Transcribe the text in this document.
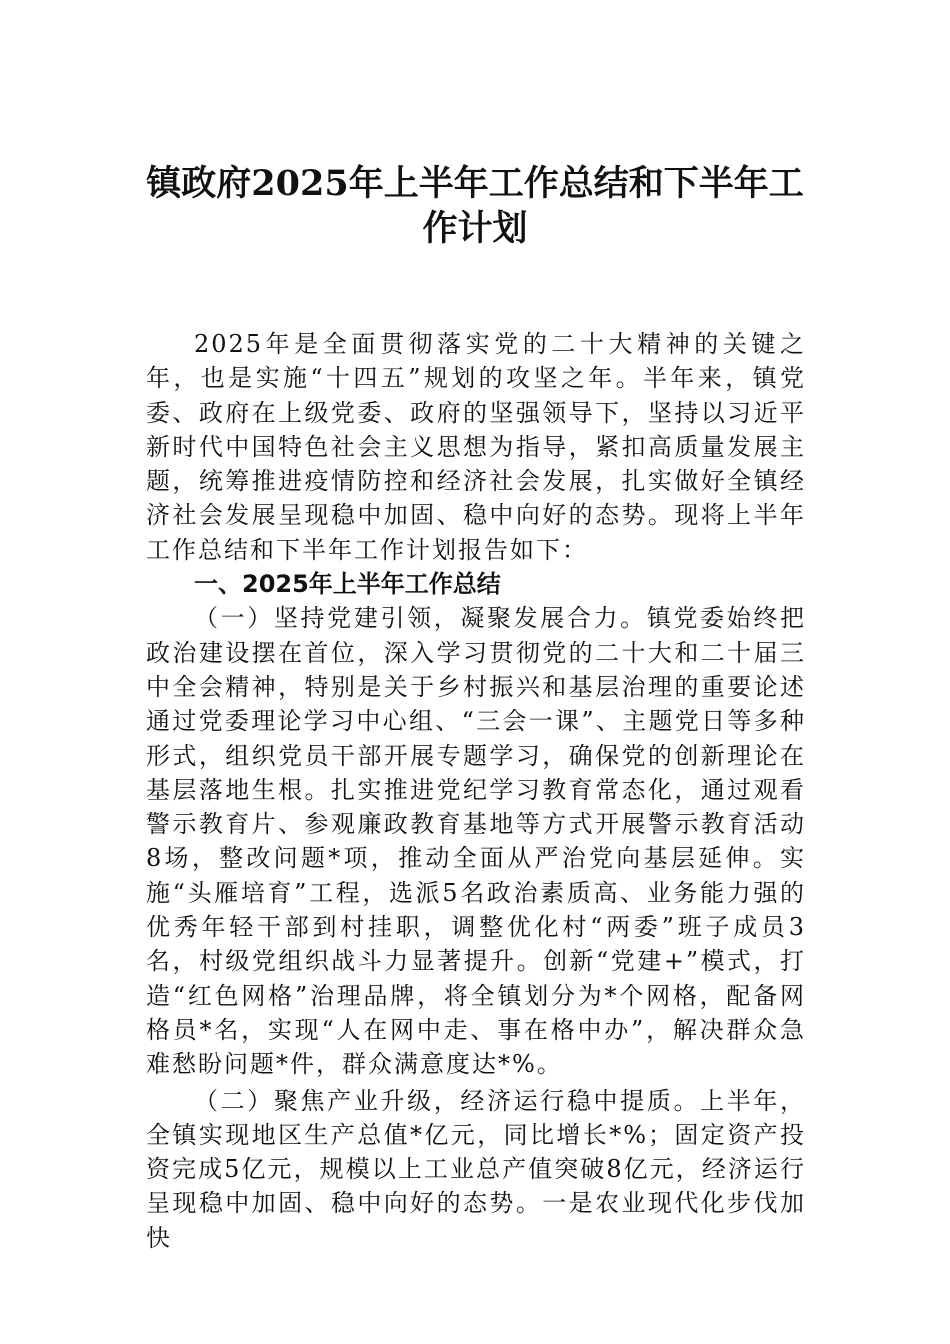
镇政府2025年上半年工作总结和下半年工
作计划

2025年是全面贯彻落实党的二十大精神的关键之年，也是实施“十四五”规划的攻坚之年。半年来，镇党委、政府在上级党委、政府的坚强领导下，坚持以习近平新时代中国特色社会主义思想为指导，紧扣高质量发展主题，统筹推进疫情防控和经济社会发展，扎实做好全镇经济社会发展呈现稳中加固、稳中向好的态势。现将上半年工作总结和下半年工作计划报告如下：

一、2025年上半年工作总结

（一）坚持党建引领，凝聚发展合力。镇党委始终把政治建设摆在首位，深入学习贯彻党的二十大和二十届三中全会精神，特别是关于乡村振兴和基层治理的重要论述通过党委理论学习中心组、“三会一课”、主题党日等多种形式，组织党员干部开展专题学习，确保党的创新理论在基层落地生根。扎实推进党纪学习教育常态化，通过观看警示教育片、参观廉政教育基地等方式开展警示教育活动8场，整改问题*项，推动全面从严治党向基层延伸。实施“头雁培育”工程，选派5名政治素质高、业务能力强的优秀年轻干部到村挂职，调整优化村“两委”班子成员3名，村级党组织战斗力显著提升。创新“党建+”模式，打造“红色网格”治理品牌，将全镇划分为*个网格，配备网格员*名，实现“人在网中走、事在格中办”，解决群众急难愁盼问题*件，群众满意度达*%。

（二）聚焦产业升级，经济运行稳中提质。上半年，全镇实现地区生产总值*亿元，同比增长*%；固定资产投资完成5亿元，规模以上工业总产值突破8亿元，经济运行呈现稳中加固、稳中向好的态势。一是农业现代化步伐加快
